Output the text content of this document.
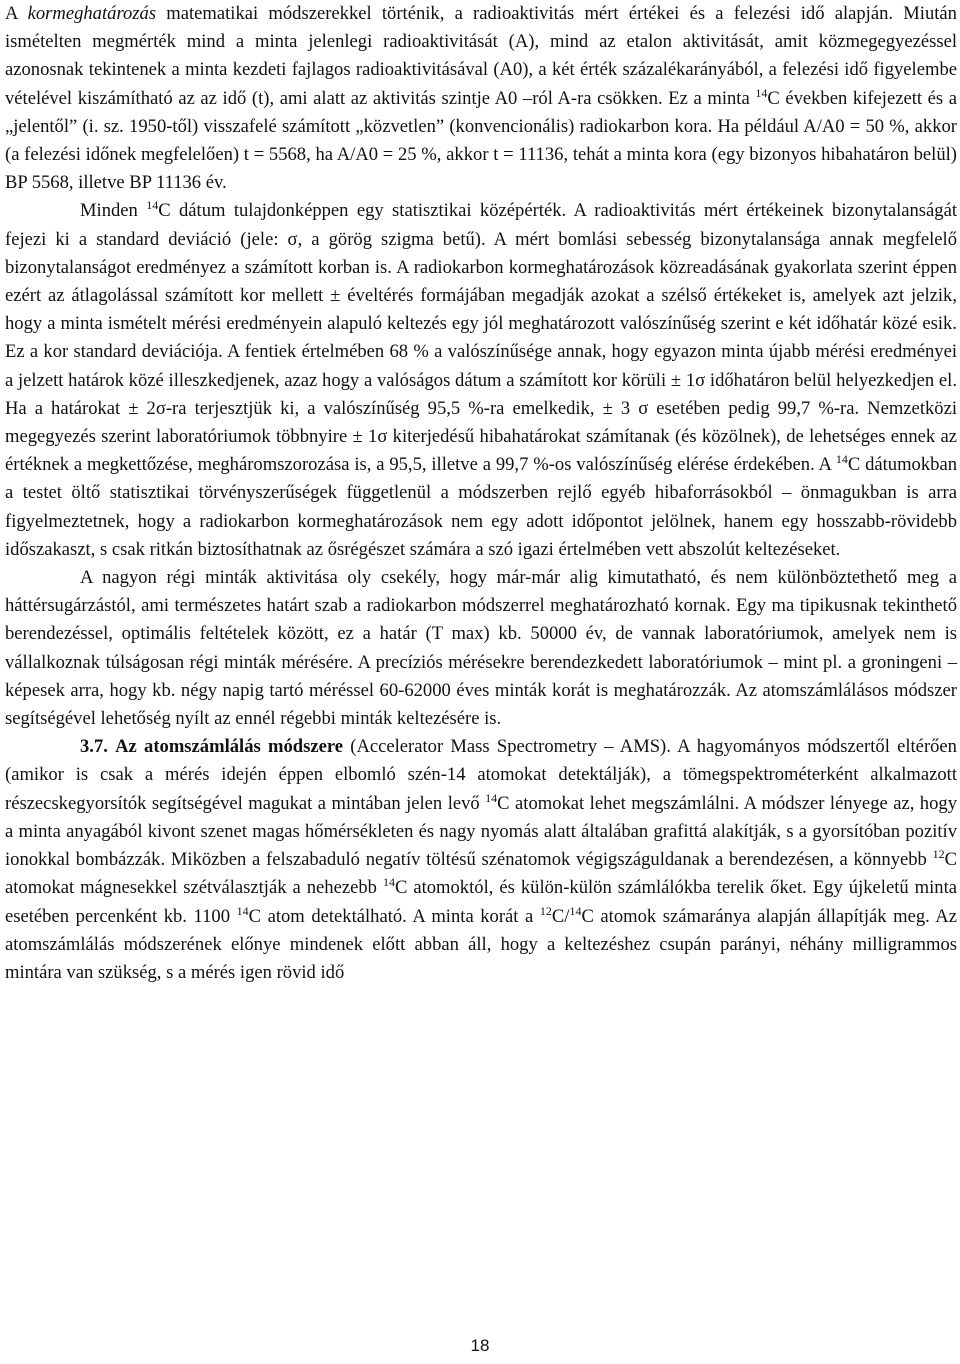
A kormeghatározás matematikai módszerekkel történik, a radioaktivitás mért értékei és a felezési idő alapján. Miután ismételten megmérték mind a minta jelenlegi radioaktivitását (A), mind az etalon aktivitását, amit közmegegyezéssel azonosnak tekintenek a minta kezdeti fajlagos radioaktivitásával (A0), a két érték százalékarányából, a felezési idő figyelembe vételével kiszámítható az az idő (t), ami alatt az aktivitás szintje A0 –ról A-ra csökken. Ez a minta $^{14}$C években kifejezett és a „jelentől” (i. sz. 1950-től) visszafelé számított „közvetlen” (konvencionális) radiokarbon kora. Ha például A/A0 = 50 %, akkor (a felezési időnek megfelelően) t = 5568, ha A/A0 = 25 %, akkor t = 11136, tehát a minta kora (egy bizonyos hibahatáron belül) BP 5568, illetve BP 11136 év.

Minden $^{14}$C dátum tulajdonképpen egy statisztikai középérték. A radioaktivitás mért értékeinek bizonytalanságát fejezi ki a standard deviáció (jele: σ, a görög szigma betű). A mért bomlási sebesség bizonytalansága annak megfelelő bizonytalanságot eredményez a számított korban is. A radiokarbon kormeghatározások közreadásának gyakorlata szerint éppen ezért az átlagolással számított kor mellett ± éveltérés formájában megadják azokat a szélső értékeket is, amelyek azt jelzik, hogy a minta ismételt mérési eredményein alapuló keltezés egy jól meghatározott valószínűség szerint e két időhatár közé esik. Ez a kor standard deviációja. A fentiek értelmében 68 % a valószínűsége annak, hogy egyazon minta újabb mérési eredményei a jelzett határok közé illeszkedjenek, azaz hogy a valóságos dátum a számított kor körüli ± 1σ időhatáron belül helyezkedjen el. Ha a határokat ± 2σ-ra terjesztjük ki, a valószínűség 95,5 %-ra emelkedik, ± 3 σ esetében pedig 99,7 %-ra. Nemzetközi megegyezés szerint laboratóriumok többnyire ± 1σ kiterjedésű hibahatárokat számítanak (és közölnek), de lehetséges ennek az értéknek a megkettőzése, megháromszorozása is, a 95,5, illetve a 99,7 %-os valószínűség elérése érdekében. A $^{14}$C dátumokban a testet öltő statisztikai törvényszerűségek függetlenül a módszerben rejlő egyéb hibaforrásokból – önmagukban is arra figyelmeztetnek, hogy a radiokarbon kormeghatározások nem egy adott időpontot jelölnek, hanem egy hosszabb-rövidebb időszakaszt, s csak ritkán biztosíthatnak az ősrégészet számára a szó igazi értelmében vett abszolút keltezéseket.

A nagyon régi minták aktivitása oly csekély, hogy már-már alig kimutatható, és nem különböztethető meg a háttérsugárzástól, ami természetes határt szab a radiokarbon módszerrel meghatározható kornak. Egy ma tipikusnak tekinthető berendezéssel, optimális feltételek között, ez a határ (T max) kb. 50000 év, de vannak laboratóriumok, amelyek nem is vállalkoznak túlságosan régi minták mérésére. A precíziós mérésekre berendezkedett laboratóriumok – mint pl. a groningeni – képesek arra, hogy kb. négy napig tartó méréssel 60-62000 éves minták korát is meghatározzák. Az atomszámlálásos módszer segítségével lehetőség nyílt az ennél régebbi minták keltezésére is.

3.7. Az atomszámlálás módszere (Accelerator Mass Spectrometry – AMS). A hagyományos módszertől eltérően (amikor is csak a mérés idején éppen elbomló szén-14 atomokat detektálják), a tömegspektrométerként alkalmazott részecskegyorsítók segítségével magukat a mintában jelen levő $^{14}$C atomokat lehet megszámlálni. A módszer lényege az, hogy a minta anyagából kivont szenet magas hőmérsékleten és nagy nyomás alatt általában grafittá alakítják, s a gyorsítóban pozitív ionokkal bombázzák. Miközben a felszabaduló negatív töltésű szénatomok végigszáguldanak a berendezésen, a könnyebb $^{12}$C atomokat mágnesekkel szétválasztják a nehezebb $^{14}$C atomoktól, és külön-külön számlálókba terelik őket. Egy újkeletű minta esetében percenként kb. 1100 $^{14}$C atom detektálható. A minta korát a $^{12}$C/$^{14}$C atomok számaránya alapján állapítják meg. Az atomszámlálás módszerének előnye mindenek előtt abban áll, hogy a keltezéshez csupán parányi, néhány milligrammos mintára van szükség, s a mérés igen rövid idő

18
